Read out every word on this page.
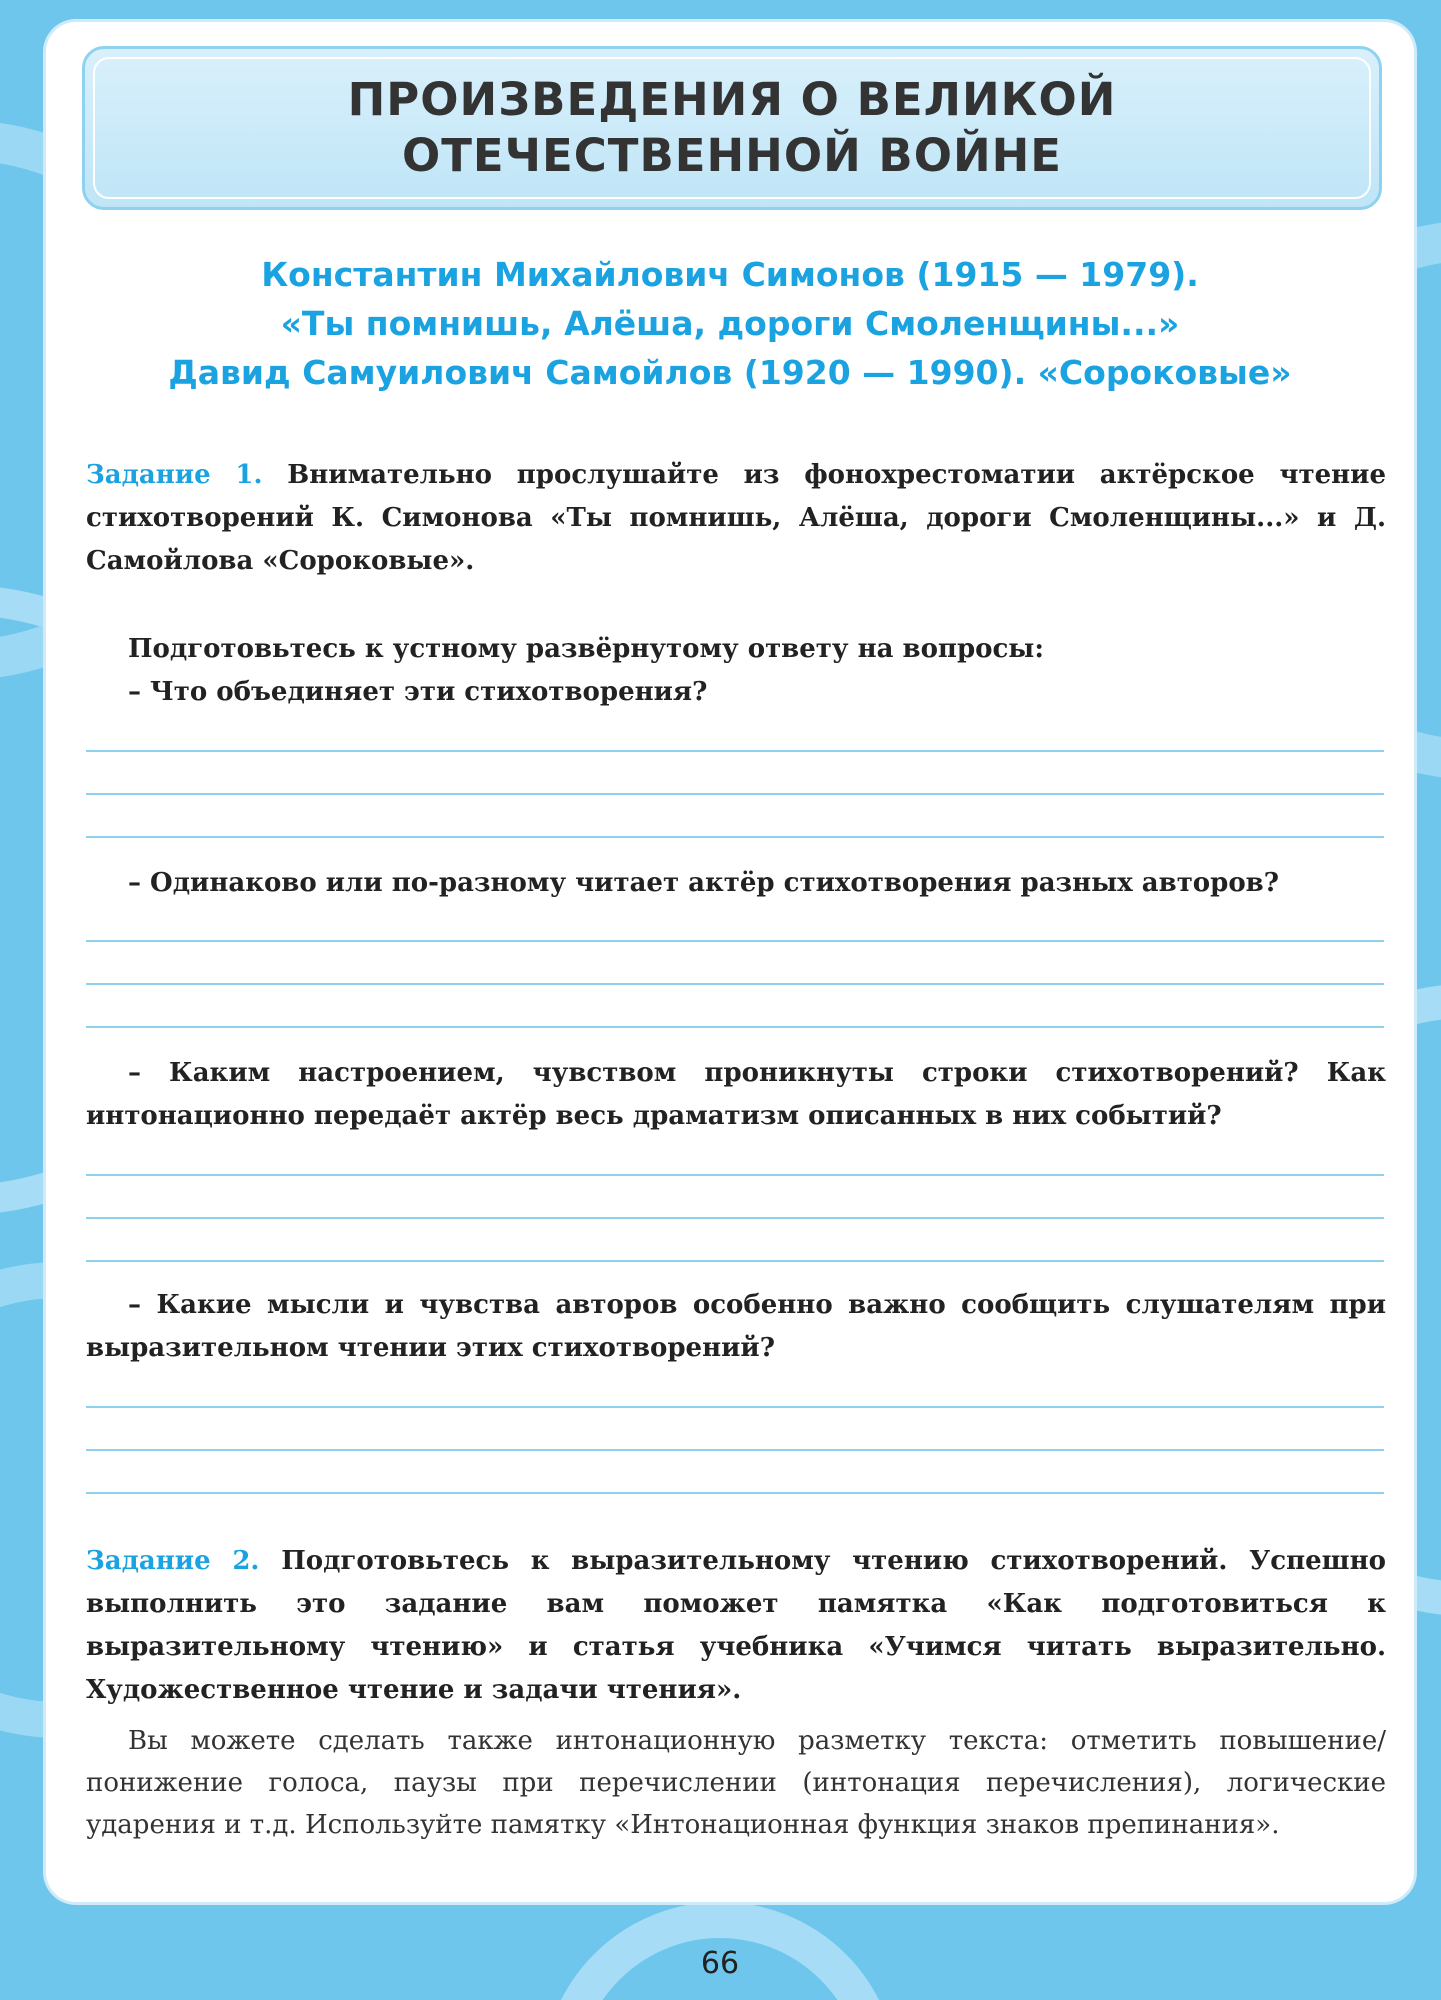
ПРОИЗВЕДЕНИЯ О ВЕЛИКОЙ
ОТЕЧЕСТВЕННОЙ ВОЙНЕ
Константин Михайлович Симонов (1915 — 1979).
«Ты помнишь, Алёша, дороги Смоленщины...»
Давид Самуилович Самойлов (1920 — 1990). «Сороковые»
Задание 1. Внимательно прослушайте из фонохрестоматии актёрское чтение стихотворений К. Симонова «Ты помнишь, Алёша, дороги Смоленщины...» и Д. Самойлова «Сороковые».
Подготовьтесь к устному развёрнутому ответу на вопросы:
– Что объединяет эти стихотворения?
– Одинаково или по-разному читает актёр стихотворения разных авторов?
– Каким настроением, чувством проникнуты строки стихотворений? Как интонационно передаёт актёр весь драматизм описанных в них событий?
– Какие мысли и чувства авторов особенно важно сообщить слушателям при выразительном чтении этих стихотворений?
Задание 2. Подготовьтесь к выразительному чтению стихотворений. Успешно выполнить это задание вам поможет памятка «Как подготовиться к выразительному чтению» и статья учебника «Учимся читать выразительно. Художественное чтение и задачи чтения».
Вы можете сделать также интонационную разметку текста: отметить повышение/понижение голоса, паузы при перечислении (интонация перечисления), логические ударения и т.д. Используйте памятку «Интонационная функция знаков препинания».
66
